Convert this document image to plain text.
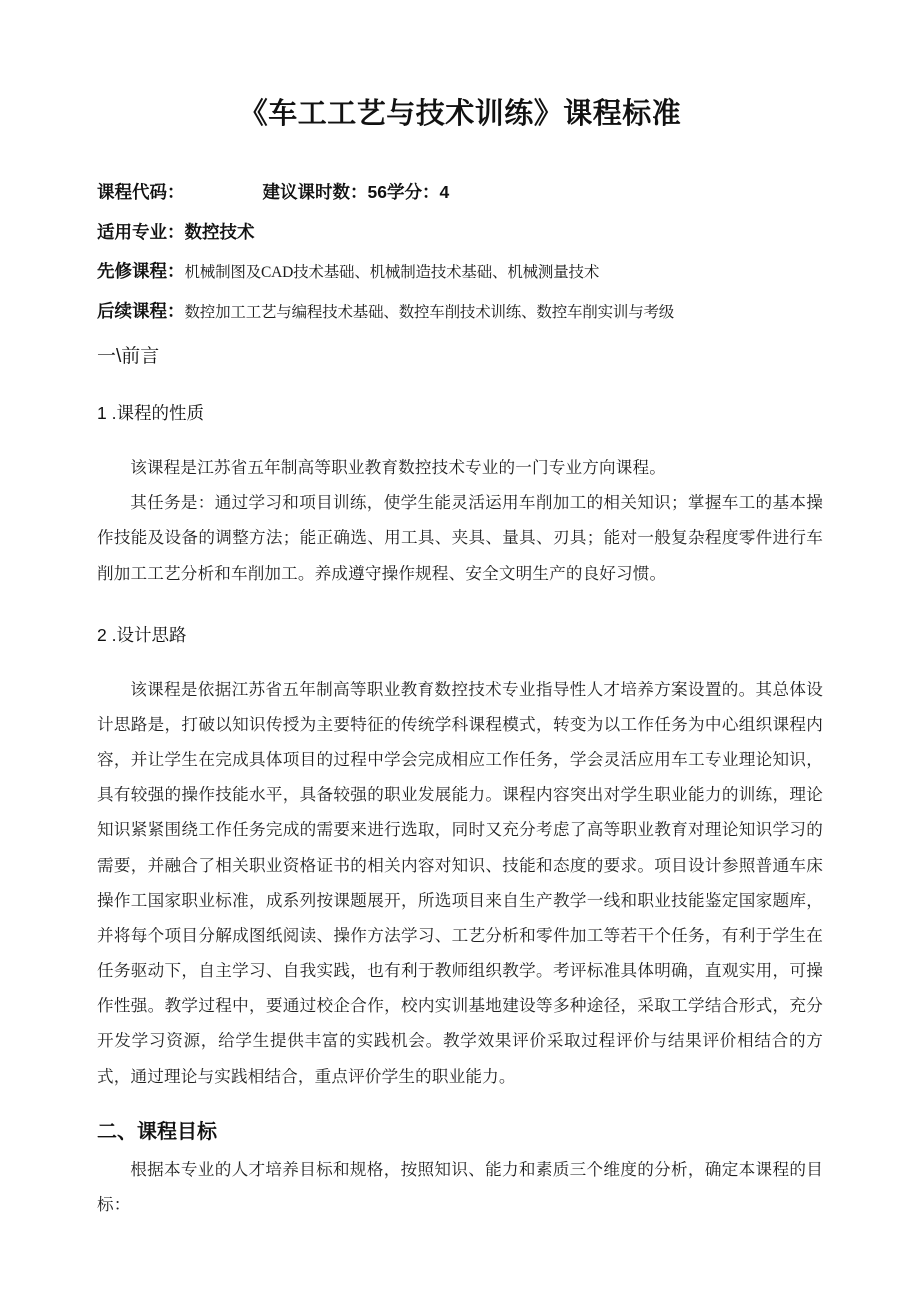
《车工工艺与技术训练》课程标准
课程代码：	建议课时数：56学分：4
适用专业：数控技术
先修课程：机械制图及CAD技术基础、机械制造技术基础、机械测量技术
后续课程：数控加工工艺与编程技术基础、数控车削技术训练、数控车削实训与考级
一\前言
1 .课程的性质

该课程是江苏省五年制高等职业教育数控技术专业的一门专业方向课程。

其任务是：通过学习和项目训练，使学生能灵活运用车削加工的相关知识；掌握车工的基本操作技能及设备的调整方法；能正确选、用工具、夹具、量具、刃具；能对一般复杂程度零件进行车削加工工艺分析和车削加工。养成遵守操作规程、安全文明生产的良好习惯。

2 .设计思路

该课程是依据江苏省五年制高等职业教育数控技术专业指导性人才培养方案设置的。其总体设计思路是，打破以知识传授为主要特征的传统学科课程模式，转变为以工作任务为中心组织课程内容，并让学生在完成具体项目的过程中学会完成相应工作任务，学会灵活应用车工专业理论知识，具有较强的操作技能水平，具备较强的职业发展能力。课程内容突出对学生职业能力的训练，理论知识紧紧围绕工作任务完成的需要来进行选取，同时又充分考虑了高等职业教育对理论知识学习的需要，并融合了相关职业资格证书的相关内容对知识、技能和态度的要求。项目设计参照普通车床操作工国家职业标准，成系列按课题展开，所选项目来自生产教学一线和职业技能鉴定国家题库，并将每个项目分解成图纸阅读、操作方法学习、工艺分析和零件加工等若干个任务，有利于学生在任务驱动下，自主学习、自我实践，也有利于教师组织教学。考评标准具体明确，直观实用，可操作性强。教学过程中，要通过校企合作，校内实训基地建设等多种途径，采取工学结合形式，充分开发学习资源，给学生提供丰富的实践机会。教学效果评价采取过程评价与结果评价相结合的方式，通过理论与实践相结合，重点评价学生的职业能力。

二、课程目标

根据本专业的人才培养目标和规格，按照知识、能力和素质三个维度的分析，确定本课程的目标：
